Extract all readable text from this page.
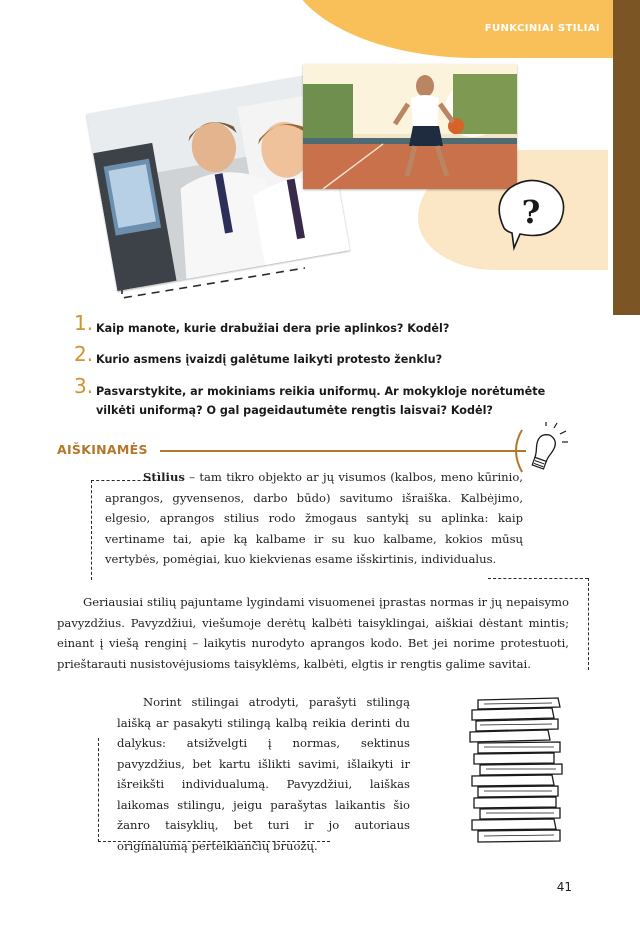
FUNKCINIAI STILIAI
?
1. Kaip manote, kurie drabužiai dera prie aplinkos? Kodėl?
2. Kurio asmens įvaizdį galėtume laikyti protesto ženklu?
3. Pasvarstykite, ar mokiniams reikia uniformų. Ar mokykloje norėtumėte vilkėti uniformą? O gal pageidautumėte rengtis laisvai? Kodėl?
AIŠKINAMĖS
Stìlius – tam tikro objekto ar jų visumos (kalbos, meno kūrinio, aprangos, gyvensenos, darbo būdo) savitumo išraiška. Kalbėjimo, elgesio, aprangos stilius rodo žmogaus santykį su aplinka: kaip vertiname tai, apie ką kalbame ir su kuo kalbame, kokios mūsų vertybės, pomėgiai, kuo kiekvienas esame išskirtinis, individualus.
Geriausiai stilių pajuntame lygindami visuomenei įprastas normas ir jų nepaisymo pavyzdžius. Pavyzdžiui, viešumoje derėtų kalbėti taisyklingai, aiškiai dėstant mintis; einant į viešą renginį – laikytis nurodyto aprangos kodo. Bet jei norime protestuoti, prieštarauti nusistovėjusioms taisyklėms, kalbėti, elgtis ir rengtis galime savitai.
Norint stilingai atrodyti, parašyti stilingą laišką ar pasakyti stilingą kalbą reikia derinti du dalykus: atsižvelgti į normas, sektinus pavyzdžius, bet kartu išlikti savimi, išlaikyti ir išreikšti individualumą. Pavyzdžiui, laiškas laikomas stilingu, jeigu parašytas laikantis šio žanro taisyklių, bet turi ir jo autoriaus originalumą perteikiančių bruožų.
41
